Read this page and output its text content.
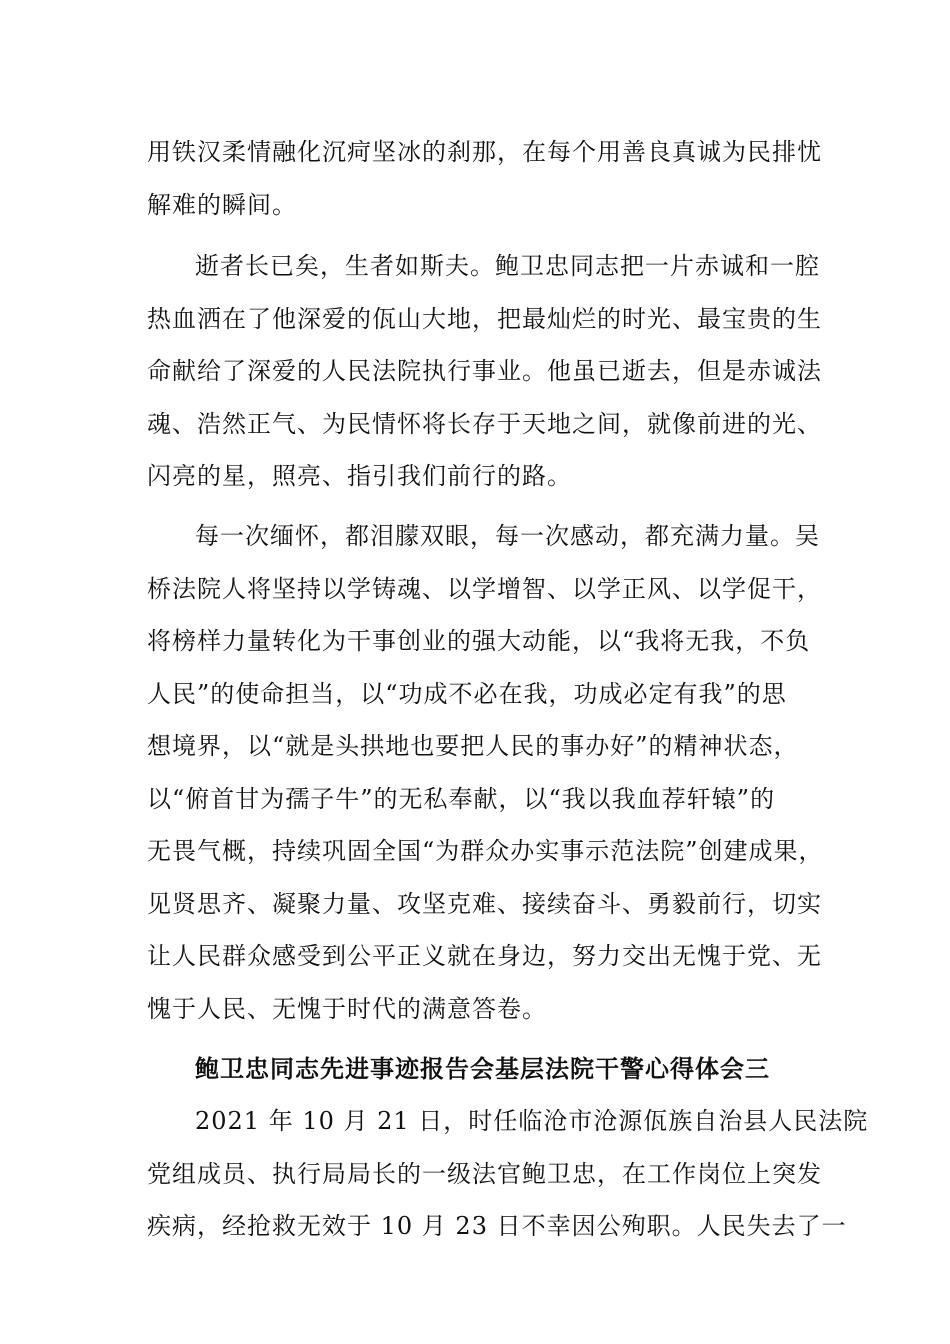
用铁汉柔情融化沉疴坚冰的刹那，在每个用善良真诚为民排忧
解难的瞬间。
逝者长已矣，生者如斯夫。鲍卫忠同志把一片赤诚和一腔
热血洒在了他深爱的佤山大地，把最灿烂的时光、最宝贵的生
命献给了深爱的人民法院执行事业。他虽已逝去，但是赤诚法
魂、浩然正气、为民情怀将长存于天地之间，就像前进的光、
闪亮的星，照亮、指引我们前行的路。
每一次缅怀，都泪朦双眼，每一次感动，都充满力量。吴
桥法院人将坚持以学铸魂、以学增智、以学正风、以学促干，
将榜样力量转化为干事创业的强大动能，以“我将无我，不负
人民”的使命担当，以“功成不必在我，功成必定有我”的思
想境界，以“就是头拱地也要把人民的事办好”的精神状态，
以“俯首甘为孺子牛”的无私奉献，以“我以我血荐轩辕”的
无畏气概，持续巩固全国“为群众办实事示范法院”创建成果，
见贤思齐、凝聚力量、攻坚克难、接续奋斗、勇毅前行，切实
让人民群众感受到公平正义就在身边，努力交出无愧于党、无
愧于人民、无愧于时代的满意答卷。
鲍卫忠同志先进事迹报告会基层法院干警心得体会三
2021 年 10 月 21 日，时任临沧市沧源佤族自治县人民法院
党组成员、执行局局长的一级法官鲍卫忠，在工作岗位上突发
疾病，经抢救无效于 10 月 23 日不幸因公殉职。人民失去了一
